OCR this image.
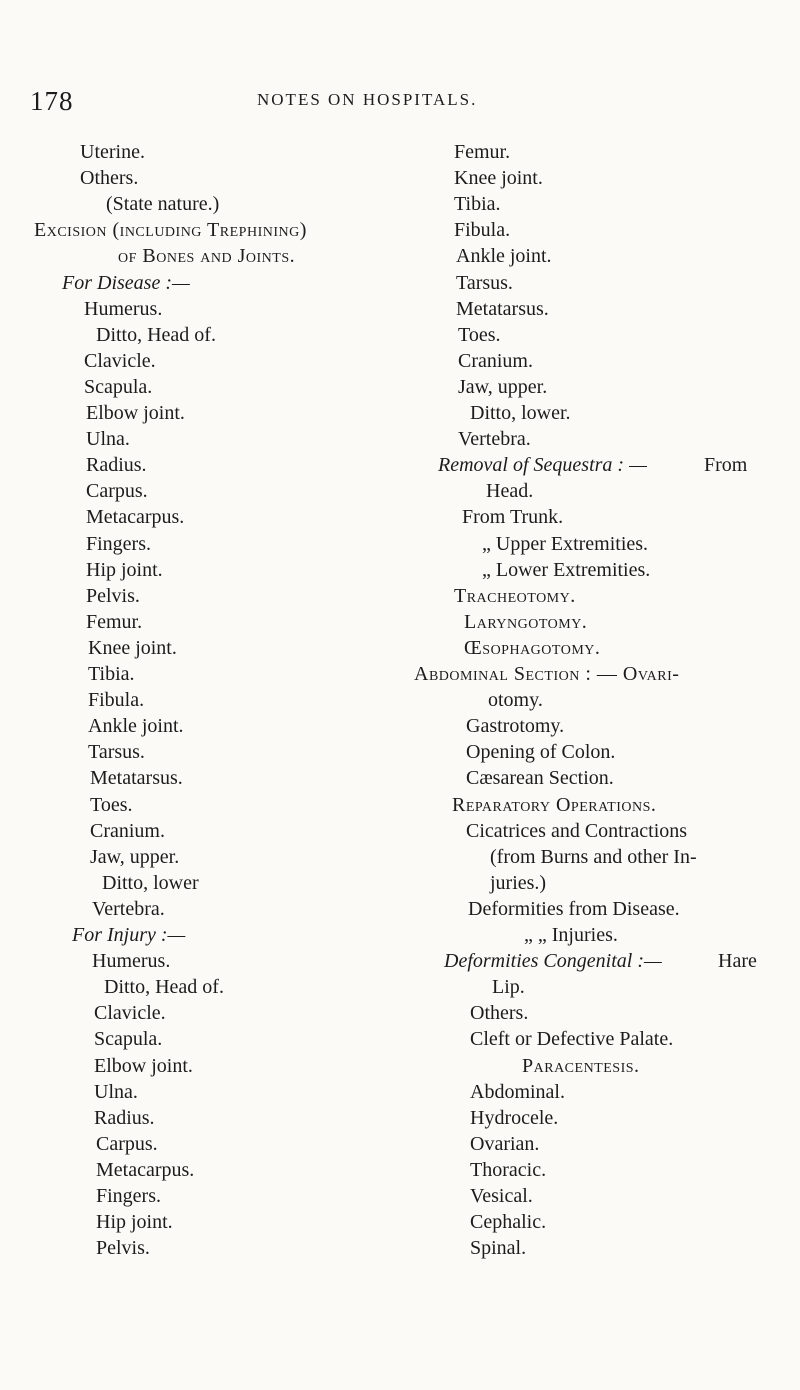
178	NOTES ON HOSPITALS.
Uterine.
Others.
(State nature.)
Excision (including Trephining)
of Bones and Joints.
For Disease :—
Humerus.
Ditto, Head of.
Clavicle.
Scapula.
Elbow joint.
Ulna.
Radius.
Carpus.
Metacarpus.
Fingers.
Hip joint.
Pelvis.
Femur.
Knee joint.
Tibia.
Fibula.
Ankle joint.
Tarsus.
Metatarsus.
Toes.
Cranium.
Jaw, upper.
Ditto, lower
Vertebra.
For Injury :—
Humerus.
Ditto, Head of.
Clavicle.
Scapula.
Elbow joint.
Ulna.
Radius.
Carpus.
Metacarpus.
Fingers.
Hip joint.
Pelvis.
Femur.
Knee joint.
Tibia.
Fibula.
Ankle joint.
Tarsus.
Metatarsus.
Toes.
Cranium.
Jaw, upper.
Ditto, lower.
Vertebra.
Removal of Sequestra : —	From
Head.
From Trunk.
„ Upper Extremities.
„ Lower Extremities.
Tracheotomy.
Laryngotomy.
Œsophagotomy.
Abdominal Section : — Ovari-
otomy.
Gastrotomy.
Opening of Colon.
Cæsarean Section.
Reparatory Operations.
Cicatrices and Contractions
(from Burns and other In-
juries.)
Deformities from Disease.
„ „ Injuries.
Deformities Congenital :—	Hare
Lip.
Others.
Cleft or Defective Palate.
Paracentesis.
Abdominal.
Hydrocele.
Ovarian.
Thoracic.
Vesical.
Cephalic.
Spinal.
